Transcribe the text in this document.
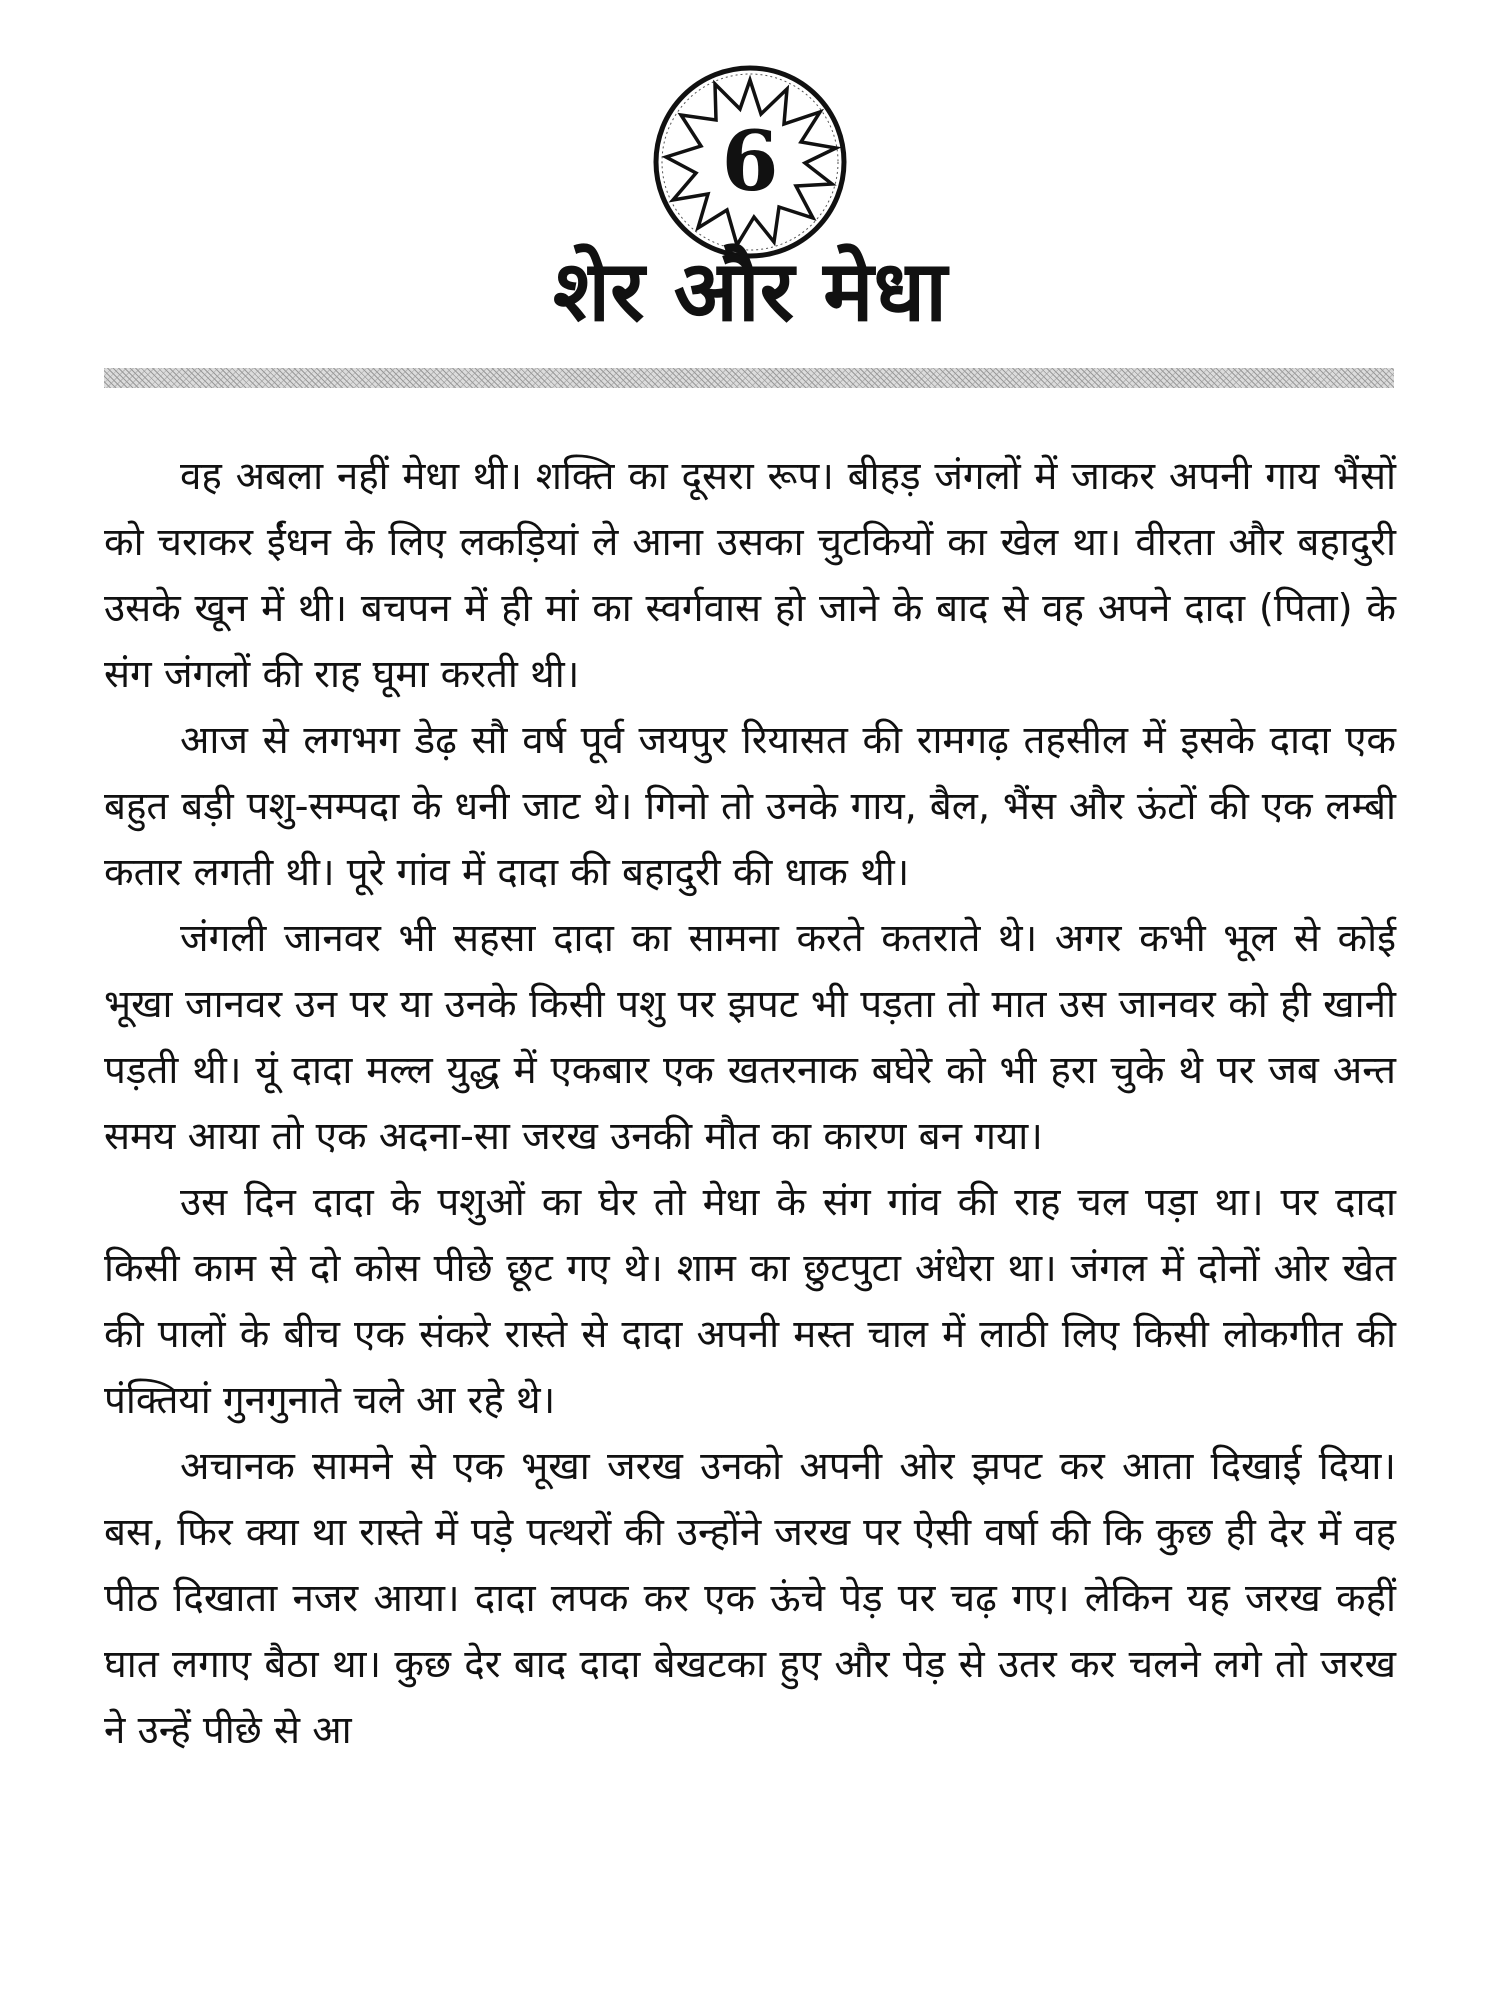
6
शेर और मेधा

वह अबला नहीं मेधा थी। शक्ति का दूसरा रूप। बीहड़ जंगलों में जाकर अपनी गाय भैंसों को चराकर ईंधन के लिए लकड़ियां ले आना उसका चुटकियों का खेल था। वीरता और बहादुरी उसके खून में थी। बचपन में ही मां का स्वर्गवास हो जाने के बाद से वह अपने दादा (पिता) के संग जंगलों की राह घूमा करती थी।

आज से लगभग डेढ़ सौ वर्ष पूर्व जयपुर रियासत की रामगढ़ तहसील में इसके दादा एक बहुत बड़ी पशु-सम्पदा के धनी जाट थे। गिनो तो उनके गाय, बैल, भैंस और ऊंटों की एक लम्बी कतार लगती थी। पूरे गांव में दादा की बहादुरी की धाक थी।

जंगली जानवर भी सहसा दादा का सामना करते कतराते थे। अगर कभी भूल से कोई भूखा जानवर उन पर या उनके किसी पशु पर झपट भी पड़ता तो मात उस जानवर को ही खानी पड़ती थी। यूं दादा मल्ल युद्ध में एकबार एक खतरनाक बघेरे को भी हरा चुके थे पर जब अन्त समय आया तो एक अदना-सा जरख उनकी मौत का कारण बन गया।

उस दिन दादा के पशुओं का घेर तो मेधा के संग गांव की राह चल पड़ा था। पर दादा किसी काम से दो कोस पीछे छूट गए थे। शाम का छुटपुटा अंधेरा था। जंगल में दोनों ओर खेत की पालों के बीच एक संकरे रास्ते से दादा अपनी मस्त चाल में लाठी लिए किसी लोकगीत की पंक्तियां गुनगुनाते चले आ रहे थे।

अचानक सामने से एक भूखा जरख उनको अपनी ओर झपट कर आता दिखाई दिया। बस, फिर क्या था रास्ते में पड़े पत्थरों की उन्होंने जरख पर ऐसी वर्षा की कि कुछ ही देर में वह पीठ दिखाता नजर आया। दादा लपक कर एक ऊंचे पेड़ पर चढ़ गए। लेकिन यह जरख कहीं घात लगाए बैठा था। कुछ देर बाद दादा बेखटका हुए और पेड़ से उतर कर चलने लगे तो जरख ने उन्हें पीछे से आ
